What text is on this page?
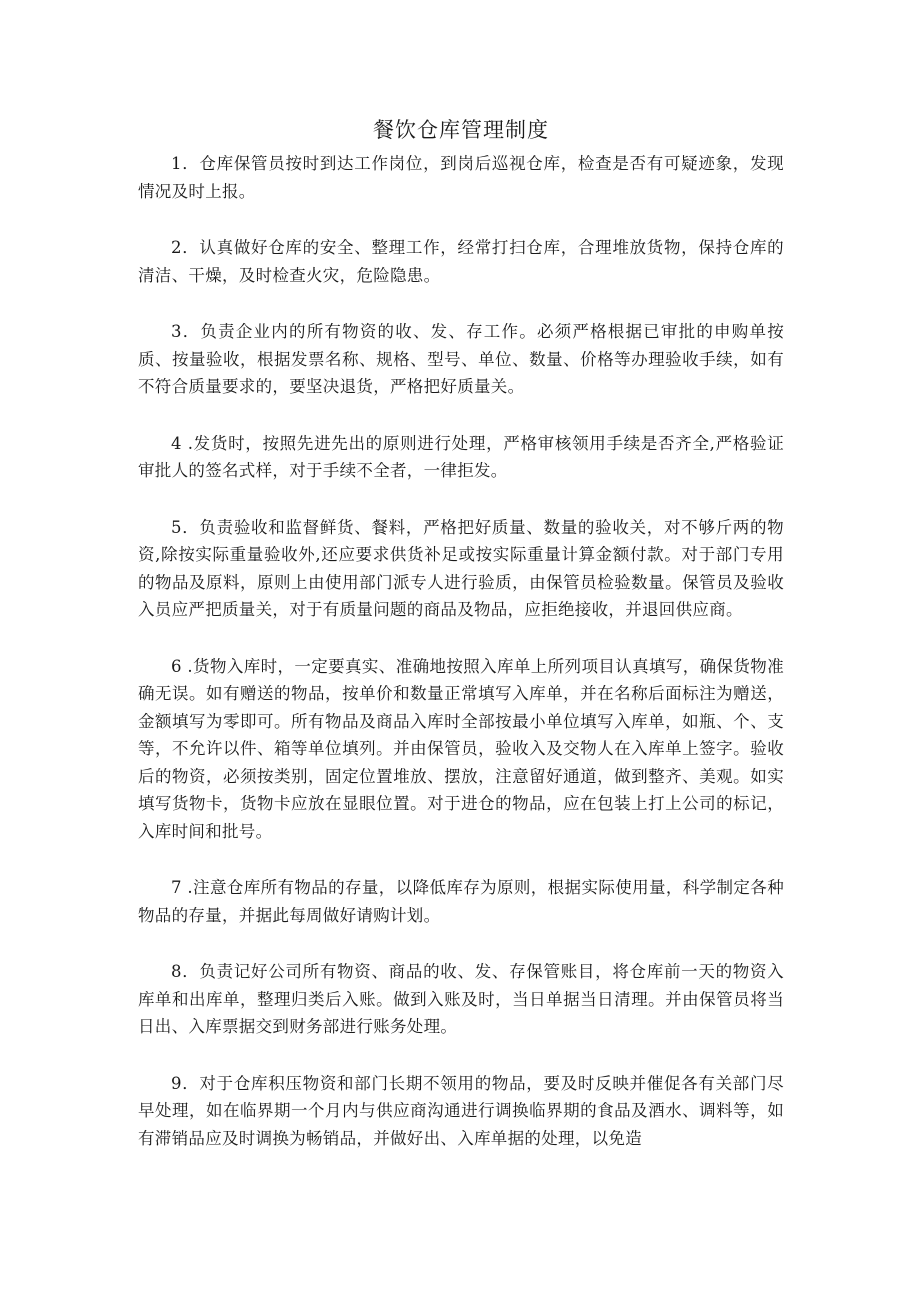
餐饮仓库管理制度

1．仓库保管员按时到达工作岗位，到岗后巡视仓库，检查是否有可疑迹象，发现情况及时上报。

2．认真做好仓库的安全、整理工作，经常打扫仓库，合理堆放货物，保持仓库的清洁、干燥，及时检查火灾，危险隐患。

3．负责企业内的所有物资的收、发、存工作。必须严格根据已审批的申购单按质、按量验收，根据发票名称、规格、型号、单位、数量、价格等办理验收手续，如有不符合质量要求的，要坚决退货，严格把好质量关。

4 .发货时，按照先进先出的原则进行处理，严格审核领用手续是否齐全,严格验证审批人的签名式样，对于手续不全者，一律拒发。

5．负责验收和监督鲜货、餐料，严格把好质量、数量的验收关，对不够斤两的物资,除按实际重量验收外,还应要求供货补足或按实际重量计算金额付款。对于部门专用的物品及原料，原则上由使用部门派专人进行验质，由保管员检验数量。保管员及验收入员应严把质量关，对于有质量问题的商品及物品，应拒绝接收，并退回供应商。

6 .货物入库时，一定要真实、准确地按照入库单上所列项目认真填写，确保货物准确无误。如有赠送的物品，按单价和数量正常填写入库单，并在名称后面标注为赠送，金额填写为零即可。所有物品及商品入库时全部按最小单位填写入库单，如瓶、个、支等，不允许以件、箱等单位填列。并由保管员，验收入及交物人在入库单上签字。验收后的物资，必须按类别，固定位置堆放、摆放，注意留好通道，做到整齐、美观。如实填写货物卡，货物卡应放在显眼位置。对于进仓的物品，应在包装上打上公司的标记，入库时间和批号。

7 .注意仓库所有物品的存量，以降低库存为原则，根据实际使用量，科学制定各种物品的存量，并据此每周做好请购计划。

8．负责记好公司所有物资、商品的收、发、存保管账目，将仓库前一天的物资入库单和出库单，整理归类后入账。做到入账及时，当日单据当日清理。并由保管员将当日出、入库票据交到财务部进行账务处理。

9．对于仓库积压物资和部门长期不领用的物品，要及时反映并催促各有关部门尽早处理，如在临界期一个月内与供应商沟通进行调换临界期的食品及酒水、调料等，如有滞销品应及时调换为畅销品，并做好出、入库单据的处理，以免造
